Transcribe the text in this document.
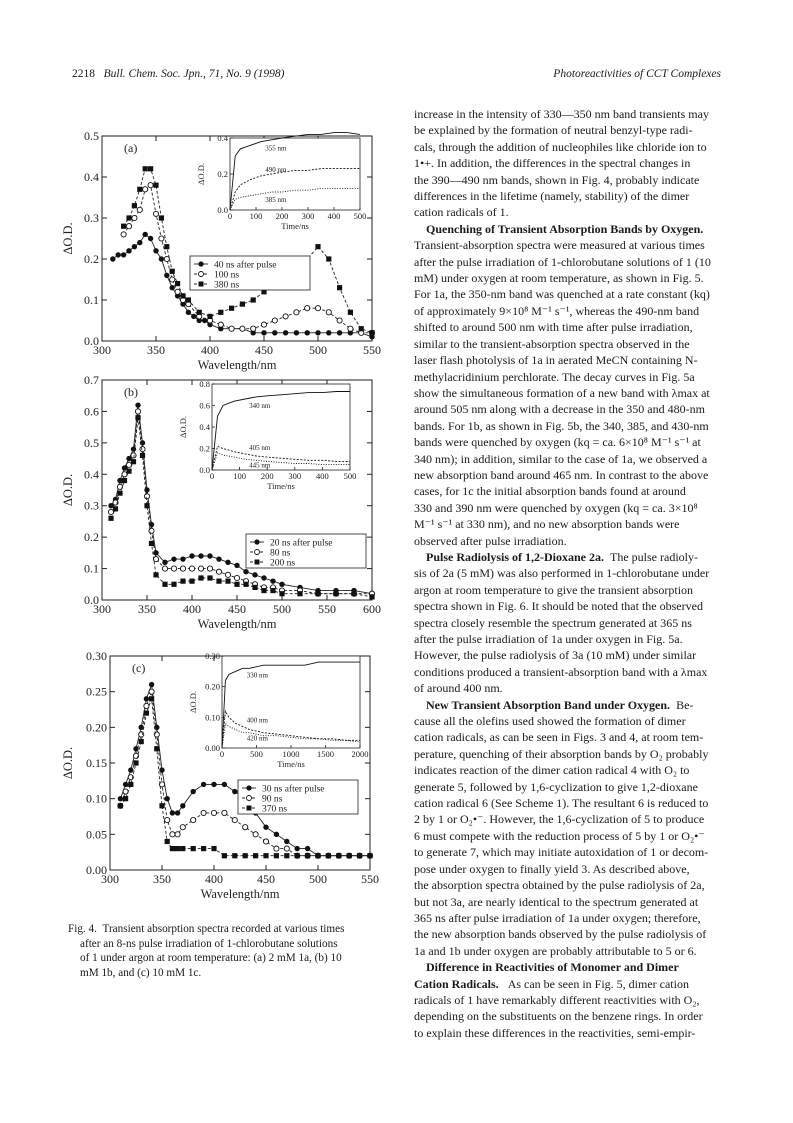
2218 Bull. Chem. Soc. Jpn., 71, No. 9 (1998)	Photoreactivities of CCT Complexes
300	350	400	450	500	550
0.0
0.1
0.2
0.3
0.4
0.5
Wavelength/nm
ΔO.D.
(a)
40 ns after pulse
100 ns
380 ns
0 100 200 300 400 500
0.0
0.2
0.4
Time/ns
ΔO.D.
355 nm
490 nm
385 nm
300 350 400 450 500 550 600
0.0
0.1
0.2
0.3
0.4
0.5
0.6
0.7
Wavelength/nm
ΔO.D.
(b)
20 ns after pulse
80 ns
200 ns
0 100 200 300 400 500
0.0
0.2
0.4
0.6
0.8
Time/ns
ΔO.D.
340 nm
405 nm
445 nm
300	350	400	450	500	550
0.00
0.05
0.10
0.15
0.20
0.25
0.30
Wavelength/nm
ΔO.D.
(c)
30 ns after pulse
90 ns
370 ns
0	500 1000 1500 2000
0.00
0.10
0.20
0.30
Time/ns
ΔO.D.
330 nm
400 nm
420 nm
Fig. 4. Transient absorption spectra recorded at various times
after an 8-ns pulse irradiation of 1-chlorobutane solutions
of 1 under argon at room temperature: (a) 2 mM 1a, (b) 10
mM 1b, and (c) 10 mM 1c.

increase in the intensity of 330—350 nm band transients may
be explained by the formation of neutral benzyl-type radi-
cals, through the addition of nucleophiles like chloride ion to
1•+. In addition, the differences in the spectral changes in
the 390—490 nm bands, shown in Fig. 4, probably indicate
differences in the lifetime (namely, stability) of the dimer
cation radicals of 1.

Quenching of Transient Absorption Bands by Oxygen.
Transient-absorption spectra were measured at various times
after the pulse irradiation of 1-chlorobutane solutions of 1 (10
mM) under oxygen at room temperature, as shown in Fig. 5.
For 1a, the 350-nm band was quenched at a rate constant (kq)
of approximately 9×10⁸ M⁻¹ s⁻¹, whereas the 490-nm band
shifted to around 500 nm with time after pulse irradiation,
similar to the transient-absorption spectra observed in the
laser flash photolysis of 1a in aerated MeCN containing N-
methylacridinium perchlorate. The decay curves in Fig. 5a
show the simultaneous formation of a new band with λmax at
around 505 nm along with a decrease in the 350 and 480-nm
bands. For 1b, as shown in Fig. 5b, the 340, 385, and 430-nm
bands were quenched by oxygen (kq = ca. 6×10⁸ M⁻¹ s⁻¹ at
340 nm); in addition, similar to the case of 1a, we observed a
new absorption band around 465 nm. In contrast to the above
cases, for 1c the initial absorption bands found at around
330 and 390 nm were quenched by oxygen (kq = ca. 3×10⁸
M⁻¹ s⁻¹ at 330 nm), and no new absorption bands were
observed after pulse irradiation.

Pulse Radiolysis of 1,2-Dioxane 2a. The pulse radioly-
sis of 2a (5 mM) was also performed in 1-chlorobutane under
argon at room temperature to give the transient absorption
spectra shown in Fig. 6. It should be noted that the observed
spectra closely resemble the spectrum generated at 365 ns
after the pulse irradiation of 1a under oxygen in Fig. 5a.
However, the pulse radiolysis of 3a (10 mM) under similar
conditions produced a transient-absorption band with a λmax
of around 400 nm.

New Transient Absorption Band under Oxygen. Be-
cause all the olefins used showed the formation of dimer
cation radicals, as can be seen in Figs. 3 and 4, at room tem-
perature, quenching of their absorption bands by O₂ probably
indicates reaction of the dimer cation radical 4 with O₂ to
generate 5, followed by 1,6-cyclization to give 1,2-dioxane
cation radical 6 (See Scheme 1). The resultant 6 is reduced to
2 by 1 or O₂•⁻. However, the 1,6-cyclization of 5 to produce
6 must compete with the reduction process of 5 by 1 or O₂•⁻
to generate 7, which may initiate autoxidation of 1 or decom-
pose under oxygen to finally yield 3. As described above,
the absorption spectra obtained by the pulse radiolysis of 2a,
but not 3a, are nearly identical to the spectrum generated at
365 ns after pulse irradiation of 1a under oxygen; therefore,
the new absorption bands observed by the pulse radiolysis of
1a and 1b under oxygen are probably attributable to 5 or 6.

Difference in Reactivities of Monomer and Dimer
Cation Radicals. As can be seen in Fig. 5, dimer cation
radicals of 1 have remarkably different reactivities with O₂,
depending on the substituents on the benzene rings. In order
to explain these differences in the reactivities, semi-empir-
